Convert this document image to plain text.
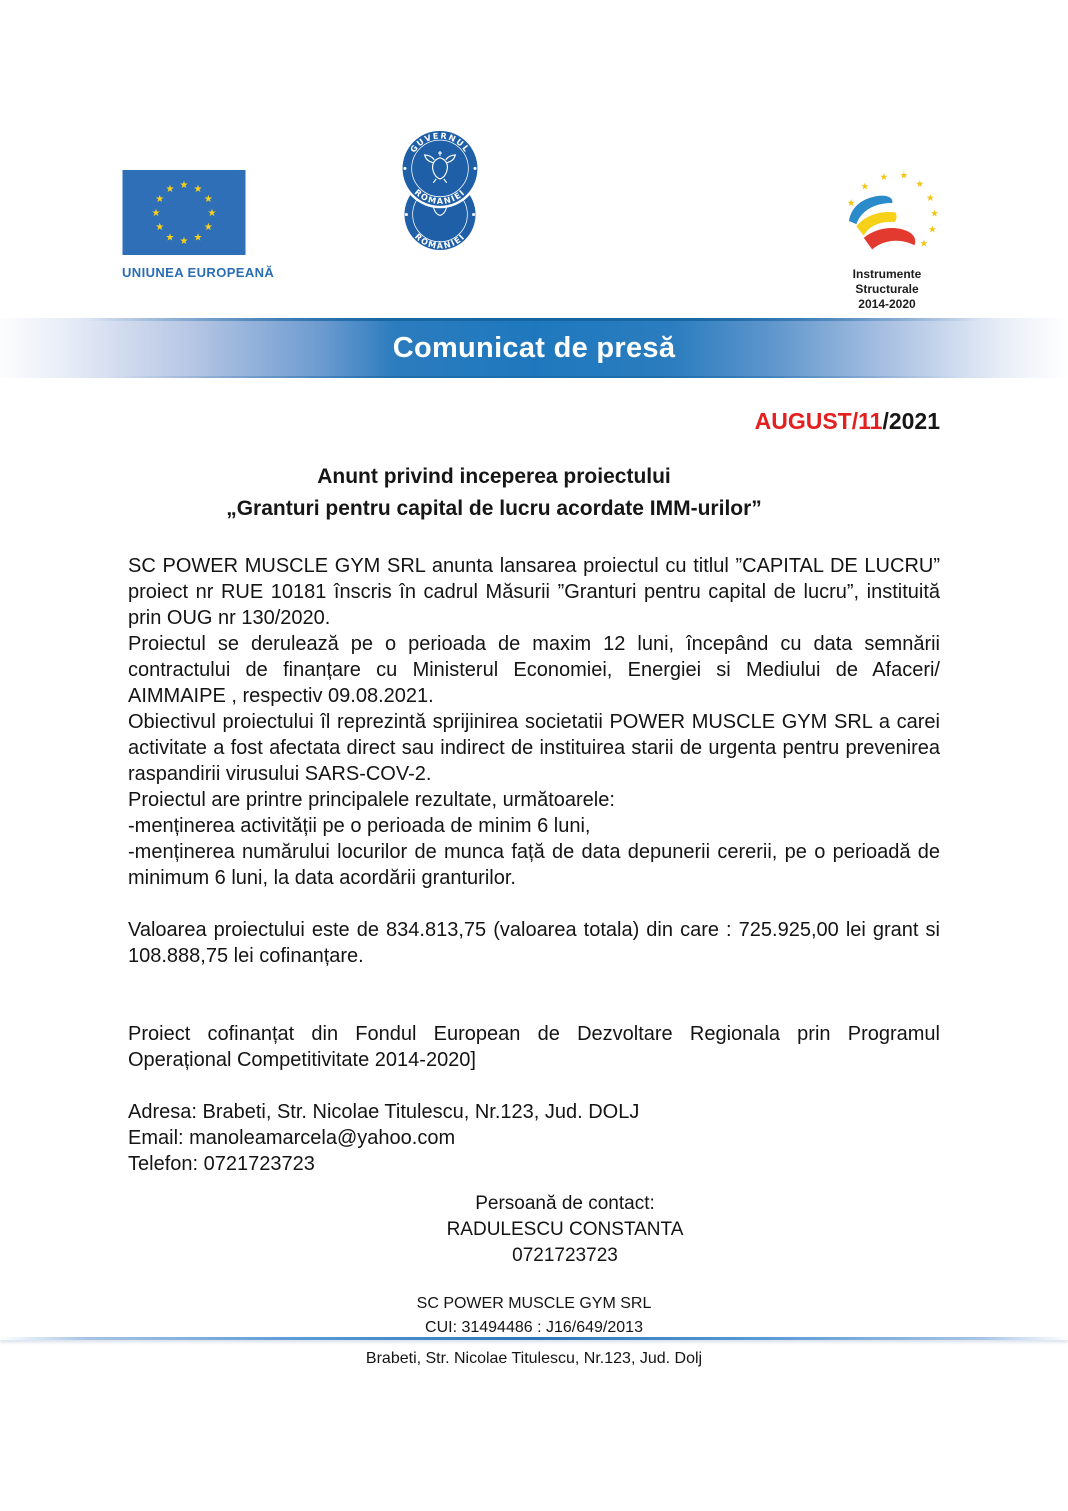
★ ★
★
★
★
★
★
★
★
★
★
★
UNIUNEA EUROPEANĂ
ROMÂNIEI
GUVERNUL
ROMÂNIEI
★
★
★ ★
★
★
★
★
★
Instrumente Structurale
2014-2020
Comunicat de presă
AUGUST/11/2021
Anunt privind inceperea proiectului
„Granturi pentru capital de lucru acordate IMM-urilor”

SC POWER MUSCLE GYM SRL anunta lansarea proiectul cu titlul ”CAPITAL DE LUCRU” proiect nr RUE 10181 înscris în cadrul Măsurii ”Granturi pentru capital de lucru”, instituită prin OUG nr 130/2020.

Proiectul se derulează pe o perioada de maxim 12 luni, începând cu data semnării contractului de finanțare cu Ministerul Economiei, Energiei si Mediului de Afaceri/ AIMMAIPE , respectiv 09.08.2021.

Obiectivul proiectului îl reprezintă sprijinirea societatii POWER MUSCLE GYM SRL a carei activitate a fost afectata direct sau indirect de instituirea starii de urgenta pentru prevenirea raspandirii virusului SARS-COV-2.

Proiectul are printre principalele rezultate, următoarele:

-menținerea activității pe o perioada de minim 6 luni,

-menținerea numărului locurilor de munca față de data depunerii cererii, pe o perioadă de minimum 6 luni, la data acordării granturilor.

Valoarea proiectului este de 834.813,75 (valoarea totala) din care : 725.925,00 lei grant si 108.888,75 lei cofinanțare.

Proiect cofinanțat din Fondul European de Dezvoltare Regionala prin Programul Operațional Competitivitate 2014-2020]

Adresa: Brabeti, Str. Nicolae Titulescu, Nr.123, Jud. DOLJ

Email: manoleamarcela@yahoo.com

Telefon: 0721723723

Persoană de contact:
RADULESCU CONSTANTA
0721723723
SC POWER MUSCLE GYM SRL
CUI: 31494486 : J16/649/2013
Brabeti, Str. Nicolae Titulescu, Nr.123, Jud. Dolj
